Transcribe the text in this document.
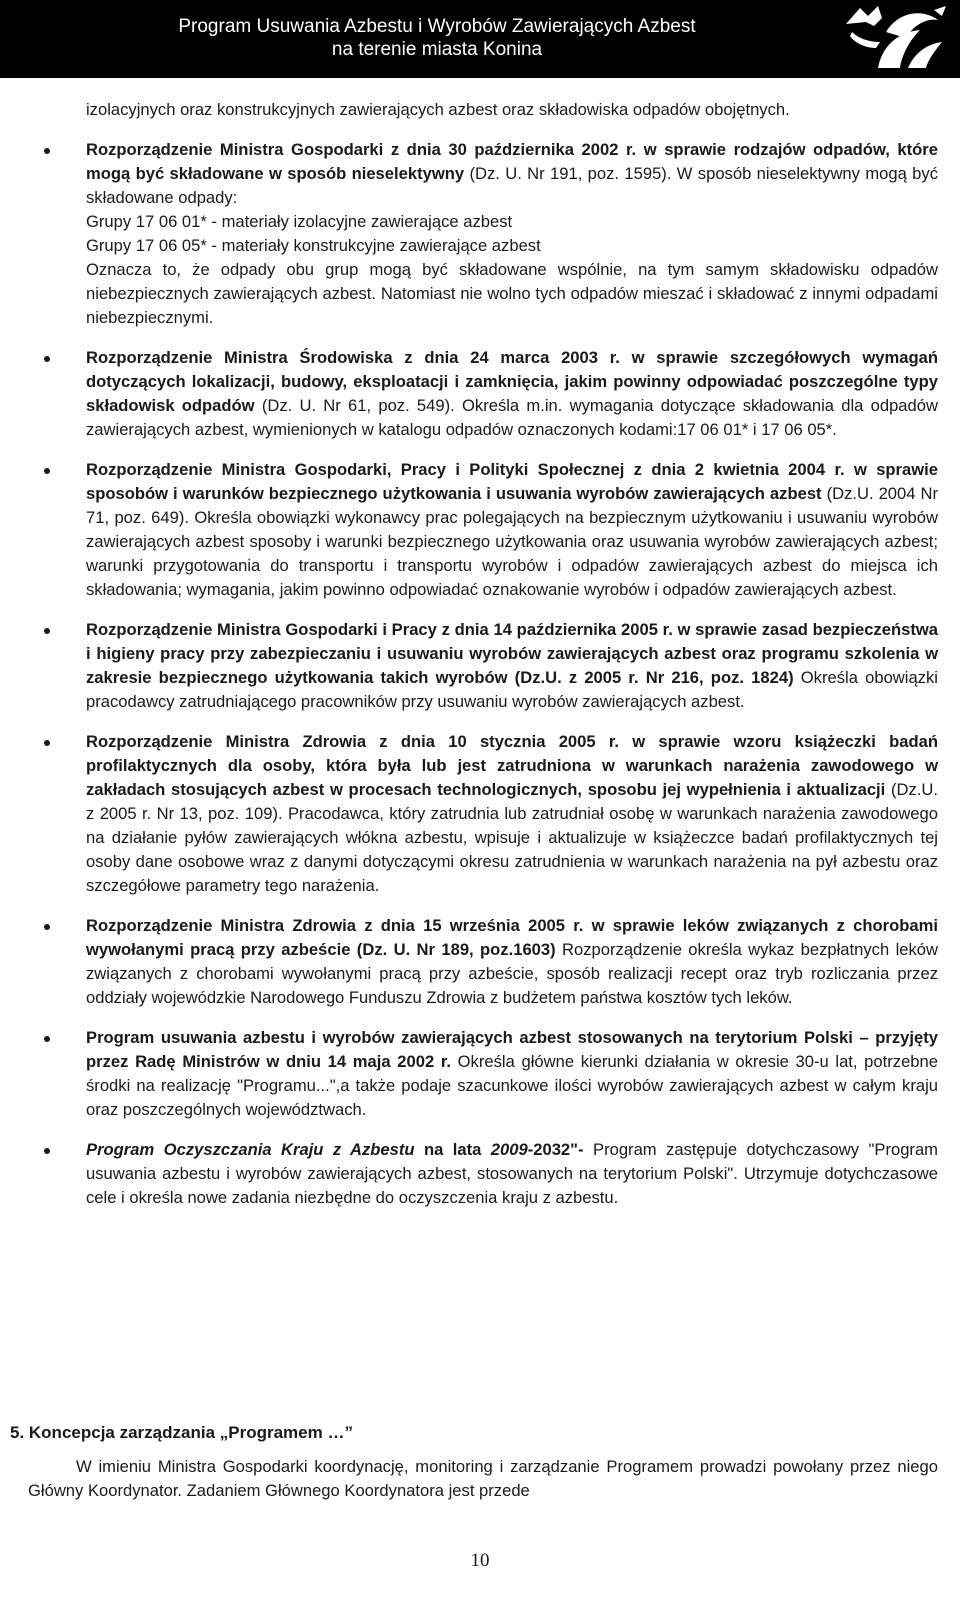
Program Usuwania Azbestu i Wyrobów Zawierających Azbest
na terenie miasta Konina

izolacyjnych oraz konstrukcyjnych zawierających azbest oraz składowiska odpadów obojętnych.

Rozporządzenie Ministra Gospodarki z dnia 30 października 2002 r. w sprawie rodzajów odpadów, które mogą być składowane w sposób nieselektywny (Dz. U. Nr 191, poz. 1595). W sposób nieselektywny mogą być składowane odpady:
Grupy 17 06 01* - materiały izolacyjne zawierające azbest
Grupy 17 06 05* - materiały konstrukcyjne zawierające azbest
Oznacza to, że odpady obu grup mogą być składowane wspólnie, na tym samym składowisku odpadów niebezpiecznych zawierających azbest. Natomiast nie wolno tych odpadów mieszać i składować z innymi odpadami niebezpiecznymi.
Rozporządzenie Ministra Środowiska z dnia 24 marca 2003 r. w sprawie szczegółowych wymagań dotyczących lokalizacji, budowy, eksploatacji i zamknięcia, jakim powinny odpowiadać poszczególne typy składowisk odpadów (Dz. U. Nr 61, poz. 549). Określa m.in. wymagania dotyczące składowania dla odpadów zawierających azbest, wymienionych w katalogu odpadów oznaczonych kodami:17 06 01* i 17 06 05*.
Rozporządzenie Ministra Gospodarki, Pracy i Polityki Społecznej z dnia 2 kwietnia 2004 r. w sprawie sposobów i warunków bezpiecznego użytkowania i usuwania wyrobów zawierających azbest (Dz.U. 2004 Nr 71, poz. 649). Określa obowiązki wykonawcy prac polegających na bezpiecznym użytkowaniu i usuwaniu wyrobów zawierających azbest sposoby i warunki bezpiecznego użytkowania oraz usuwania wyrobów zawierających azbest; warunki przygotowania do transportu i transportu wyrobów i odpadów zawierających azbest do miejsca ich składowania; wymagania, jakim powinno odpowiadać oznakowanie wyrobów i odpadów zawierających azbest.
Rozporządzenie Ministra Gospodarki i Pracy z dnia 14 października 2005 r. w sprawie zasad bezpieczeństwa i higieny pracy przy zabezpieczaniu i usuwaniu wyrobów zawierających azbest oraz programu szkolenia w zakresie bezpiecznego użytkowania takich wyrobów (Dz.U. z 2005 r. Nr 216, poz. 1824) Określa obowiązki pracodawcy zatrudniającego pracowników przy usuwaniu wyrobów zawierających azbest.
Rozporządzenie Ministra Zdrowia z dnia 10 stycznia 2005 r. w sprawie wzoru książeczki badań profilaktycznych dla osoby, która była lub jest zatrudniona w warunkach narażenia zawodowego w zakładach stosujących azbest w procesach technologicznych, sposobu jej wypełnienia i aktualizacji (Dz.U. z 2005 r. Nr 13, poz. 109). Pracodawca, który zatrudnia lub zatrudniał osobę w warunkach narażenia zawodowego na działanie pyłów zawierających włókna azbestu, wpisuje i aktualizuje w książeczce badań profilaktycznych tej osoby dane osobowe wraz z danymi dotyczącymi okresu zatrudnienia w warunkach narażenia na pył azbestu oraz szczegółowe parametry tego narażenia.
Rozporządzenie Ministra Zdrowia z dnia 15 września 2005 r. w sprawie leków związanych z chorobami wywołanymi pracą przy azbeście (Dz. U. Nr 189, poz.1603) Rozporządzenie określa wykaz bezpłatnych leków związanych z chorobami wywołanymi pracą przy azbeście, sposób realizacji recept oraz tryb rozliczania przez oddziały wojewódzkie Narodowego Funduszu Zdrowia z budżetem państwa kosztów tych leków.
Program usuwania azbestu i wyrobów zawierających azbest stosowanych na terytorium Polski – przyjęty przez Radę Ministrów w dniu 14 maja 2002 r. Określa główne kierunki działania w okresie 30-u lat, potrzebne środki na realizację "Programu...",a także podaje szacunkowe ilości wyrobów zawierających azbest w całym kraju oraz poszczególnych województwach.
Program Oczyszczania Kraju z Azbestu na lata 2009-2032"- Program zastępuje dotychczasowy "Program usuwania azbestu i wyrobów zawierających azbest, stosowanych na terytorium Polski". Utrzymuje dotychczasowe cele i określa nowe zadania niezbędne do oczyszczenia kraju z azbestu.
5. Koncepcja zarządzania „Programem …”
W imieniu Ministra Gospodarki koordynację, monitoring i zarządzanie Programem prowadzi powołany przez niego Główny Koordynator. Zadaniem Głównego Koordynatora jest przede
10
